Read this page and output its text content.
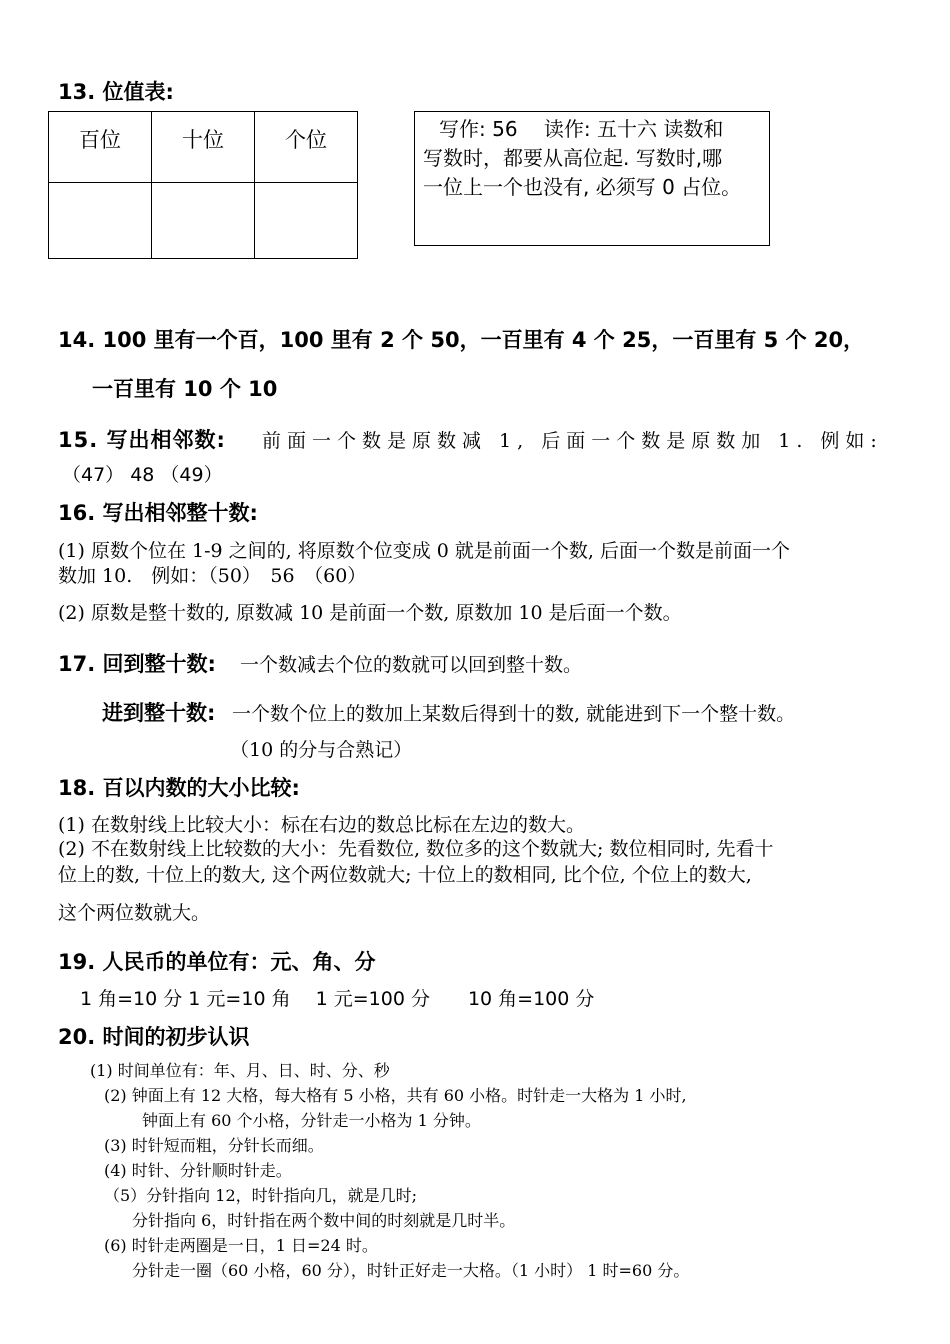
13. 位值表:
百位	十位	个位
			写作: 56　 读作: 五十六 读数和
写数时，都要从高位起. 写数时,哪
一位上一个也没有, 必须写 0 占位。
14. 100 里有一个百，100 里有 2 个 50，一百里有 4 个 25，一百里有 5 个 20，
一百里有 10 个 10
15. 写出相邻数: 前面一个数是原数减 1, 后面一个数是原数加 1. 例如:
（47） 48 （49）
16. 写出相邻整十数:
(1) 原数个位在 1-9 之间的, 将原数个位变成 0 就是前面一个数, 后面一个数是前面一个
数加 10.　例如：（50）　56　（60）
(2) 原数是整十数的, 原数减 10 是前面一个数, 原数加 10 是后面一个数。
17. 回到整十数: 一个数减去个位的数就可以回到整十数。
进到整十数: 一个数个位上的数加上某数后得到十的数, 就能进到下一个整十数。
（10 的分与合熟记）
18. 百以内数的大小比较:
(1) 在数射线上比较大小：标在右边的数总比标在左边的数大。
(2) 不在数射线上比较数的大小：先看数位, 数位多的这个数就大; 数位相同时, 先看十
位上的数, 十位上的数大, 这个两位数就大; 十位上的数相同, 比个位, 个位上的数大,
这个两位数就大。
19. 人民币的单位有：元、角、分
1 角=10 分 1 元=10 角　 1 元=100 分　　10 角=100 分
20. 时间的初步认识
(1) 时间单位有：年、月、日、时、分、秒
(2) 钟面上有 12 大格，每大格有 5 小格，共有 60 小格。时针走一大格为 1 小时,
钟面上有 60 个小格，分针走一小格为 1 分钟。
(3) 时针短而粗，分针长而细。
(4) 时针、分针顺时针走。
（5）分针指向 12，时针指向几，就是几时;
分针指向 6，时针指在两个数中间的时刻就是几时半。
(6) 时针走两圈是一日，1 日=24 时。
分针走一圈（60 小格，60 分），时针正好走一大格。（1 小时） 1 时=60 分。
